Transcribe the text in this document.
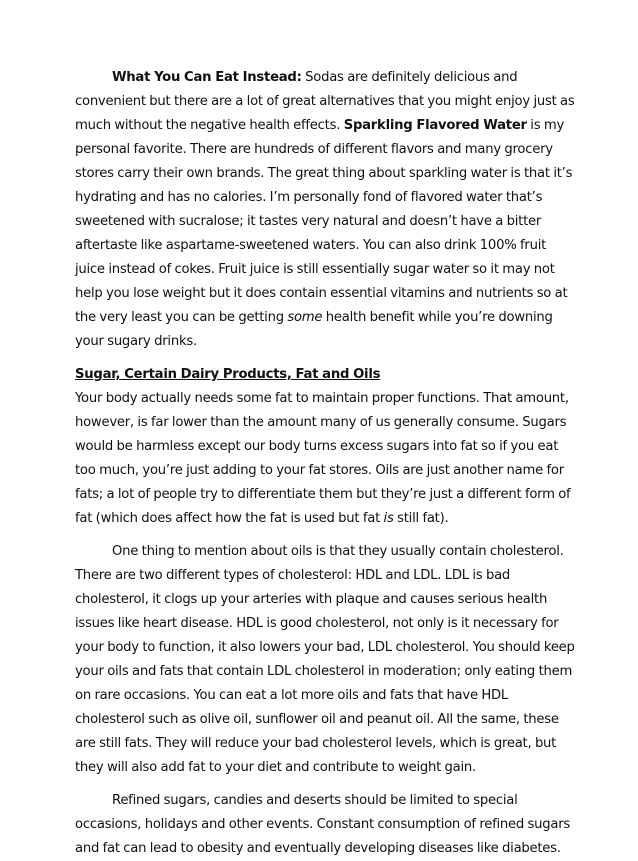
What You Can Eat Instead: Sodas are definitely delicious and convenient but there are a lot of great alternatives that you might enjoy just as much without the negative health effects. Sparkling Flavored Water is my personal favorite. There are hundreds of different flavors and many grocery stores carry their own brands. The great thing about sparkling water is that it’s hydrating and has no calories. I’m personally fond of flavored water that’s sweetened with sucralose; it tastes very natural and doesn’t have a bitter aftertaste like aspartame-sweetened waters. You can also drink 100% fruit juice instead of cokes. Fruit juice is still essentially sugar water so it may not help you lose weight but it does contain essential vitamins and nutrients so at the very least you can be getting some health benefit while you’re downing your sugary drinks.

Sugar, Certain Dairy Products, Fat and Oils

Your body actually needs some fat to maintain proper functions. That amount, however, is far lower than the amount many of us generally consume. Sugars would be harmless except our body turns excess sugars into fat so if you eat too much, you’re just adding to your fat stores. Oils are just another name for fats; a lot of people try to differentiate them but they’re just a different form of fat (which does affect how the fat is used but fat is still fat).

One thing to mention about oils is that they usually contain cholesterol. There are two different types of cholesterol: HDL and LDL. LDL is bad cholesterol, it clogs up your arteries with plaque and causes serious health issues like heart disease. HDL is good cholesterol, not only is it necessary for your body to function, it also lowers your bad, LDL cholesterol. You should keep your oils and fats that contain LDL cholesterol in moderation; only eating them on rare occasions. You can eat a lot more oils and fats that have HDL cholesterol such as olive oil, sunflower oil and peanut oil. All the same, these are still fats. They will reduce your bad cholesterol levels, which is great, but they will also add fat to your diet and contribute to weight gain.

Refined sugars, candies and deserts should be limited to special occasions, holidays and other events. Constant consumption of refined sugars and fat can lead to obesity and eventually developing diseases like diabetes.
